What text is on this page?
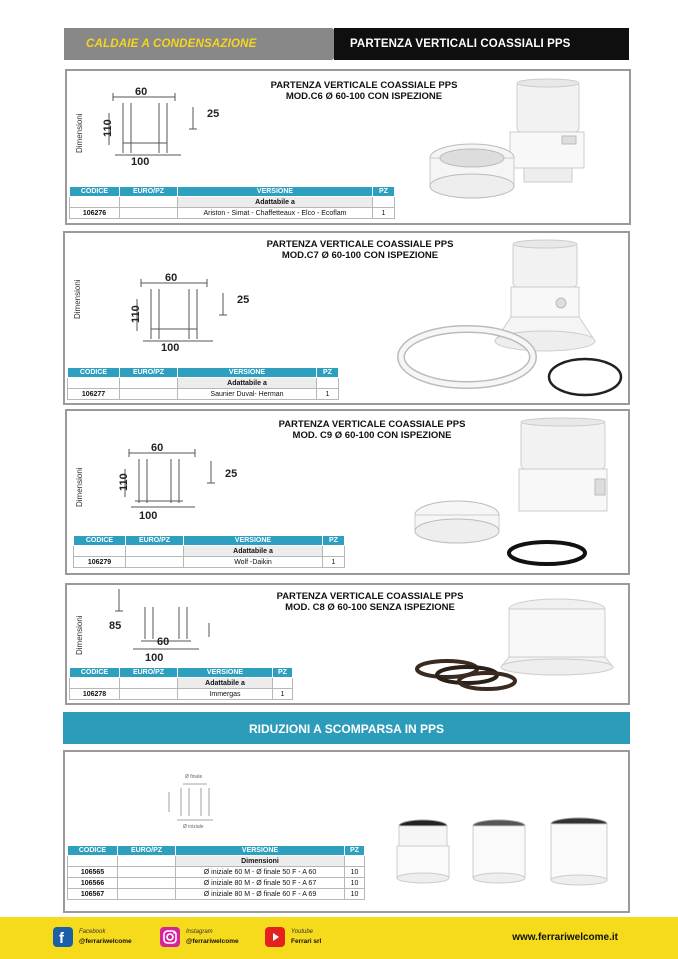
CALDAIE A CONDENSAZIONE	PARTENZA VERTICALI COASSIALI PPS
PARTENZA VERTICALE COASSIALE PPS
MOD.C6 Ø 60-100 CON ISPEZIONE
Dimensioni
60
110
25
100
CODICE	EURO/PZ	VERSIONE	PZ
		Adattabile a	
106276		Ariston - Simat - Chaffetteaux - Elco - Ecoflam	1
PARTENZA VERTICALE COASSIALE PPS
MOD.C7 Ø 60-100 CON ISPEZIONE
Dimensioni
60
110
25
100
CODICE	EURO/PZ	VERSIONE	PZ
		Adattabile a	
106277		Saunier Duval- Herman	1
PARTENZA VERTICALE COASSIALE PPS
MOD. C9 Ø 60-100 CON ISPEZIONE
Dimensioni
60
110	25
100
CODICE	EURO/PZ	VERSIONE	PZ
		Adattabile a	
106279		Wolf -Daikin	1
PARTENZA VERTICALE COASSIALE PPS
MOD. C8 Ø 60-100 SENZA ISPEZIONE
Dimensioni 85
60
100
CODICE	EURO/PZ	VERSIONE	PZ
		Adattabile a	
106278		Immergas	1
RIDUZIONI A SCOMPARSA IN PPS
Ø finale
Ø iniziale
CODICE	EURO/PZ	VERSIONE	PZ
		Dimensioni	
106565		Ø iniziale 60 M - Ø finale 50 F - A 60	10
106566		Ø iniziale 80 M - Ø finale 50 F - A 67	10
106567		Ø iniziale 80 M - Ø finale 60 F - A 69	10
f	Facebook
@ferrariwelcome
Instagram
@ferrariwelcome
Youtube
Ferrari srl	www.ferrariwelcome.it
